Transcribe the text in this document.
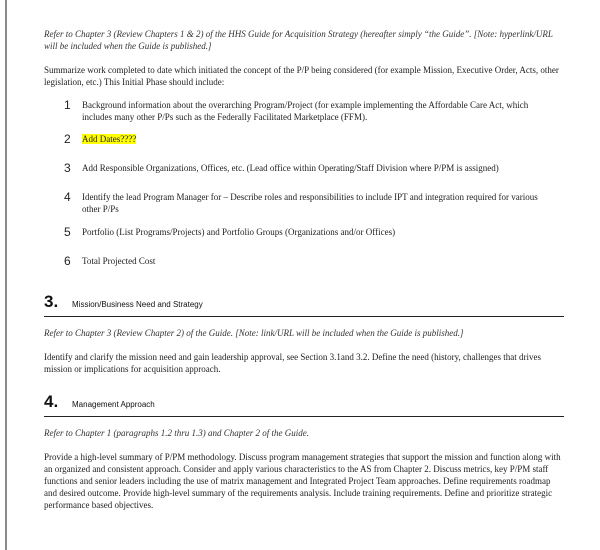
Refer to Chapter 3 (Review Chapters 1 & 2) of the HHS Guide for Acquisition Strategy (hereafter simply “the Guide”. [Note: hyperlink/URL will be included when the Guide is published.]
Summarize work completed to date which initiated the concept of the P/P being considered (for example Mission, Executive Order, Acts, other legislation, etc.) This Initial Phase should include:
1	Background information about the overarching Program/Project (for example implementing the Affordable Care Act, which includes many other P/Ps such as the Federally Facilitated Marketplace (FFM).
2	Add Dates????
3	Add Responsible Organizations, Offices, etc. (Lead office within Operating/Staff Division where P/PM is assigned)
4	Identify the lead Program Manager for – Describe roles and responsibilities to include IPT and integration required for various other P/Ps
5	Portfolio (List Programs/Projects) and Portfolio Groups (Organizations and/or Offices)
6	Total Projected Cost
3.	Mission/Business Need and Strategy
Refer to Chapter 3 (Review Chapter 2) of the Guide. [Note: link/URL will be included when the Guide is published.]
Identify and clarify the mission need and gain leadership approval, see Section 3.1and 3.2. Define the need (history, challenges that drives mission or implications for acquisition approach.
4.	Management Approach
Refer to Chapter 1 (paragraphs 1.2 thru 1.3) and Chapter 2 of the Guide.
Provide a high-level summary of P/PM methodology. Discuss program management strategies that support the mission and function along with an organized and consistent approach. Consider and apply various characteristics to the AS from Chapter 2. Discuss metrics, key P/PM staff functions and senior leaders including the use of matrix management and Integrated Project Team approaches. Define requirements roadmap and desired outcome. Provide high-level summary of the requirements analysis. Include training requirements. Define and prioritize strategic performance based objectives.
